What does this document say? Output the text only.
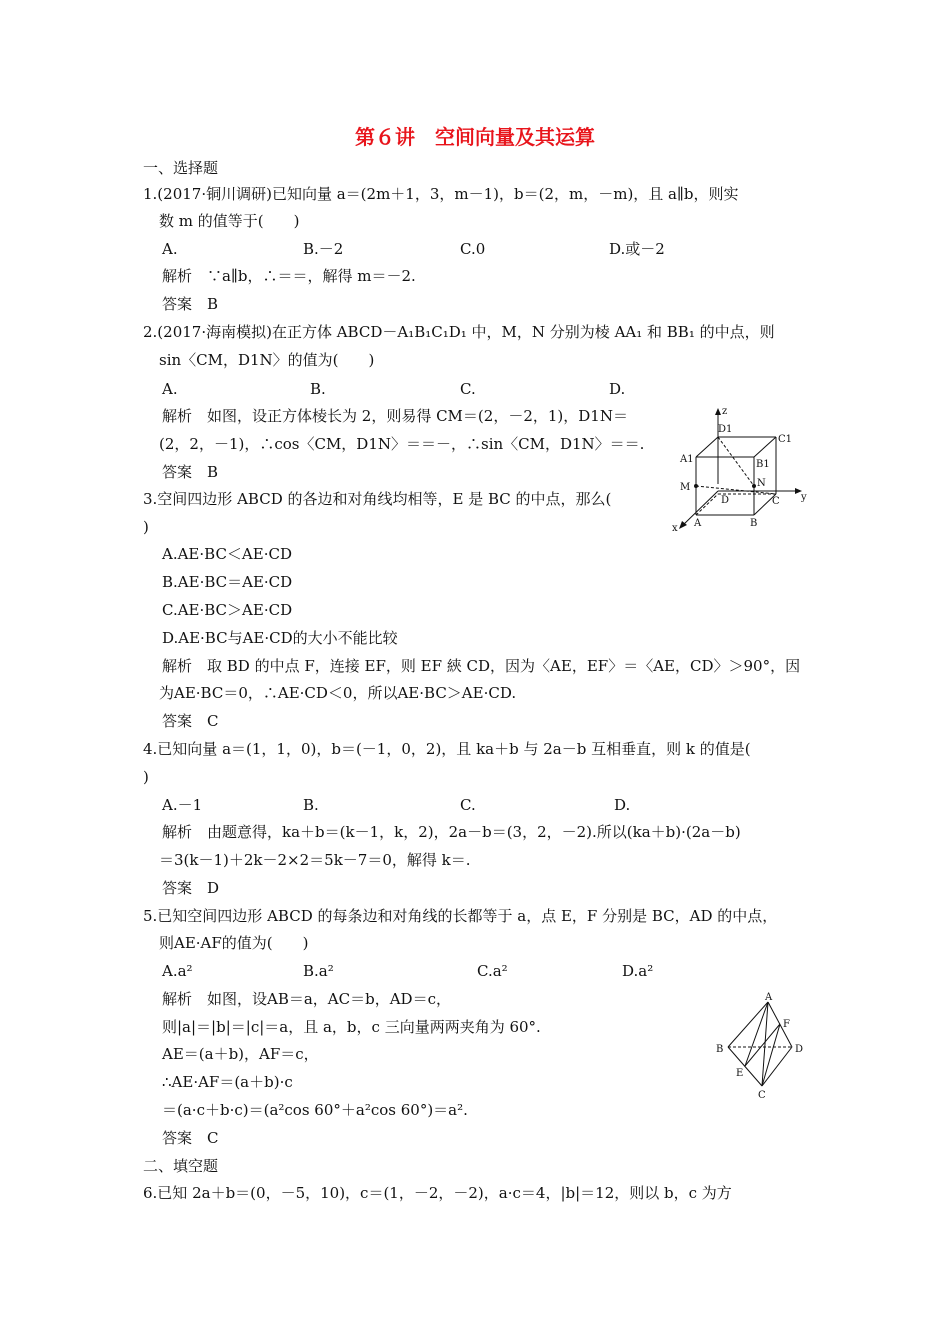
第６讲　空间向量及其运算
一、选择题
1.(2017·铜川调研)已知向量 a＝(2m＋1，3，m－1)，b＝(2，m，－m)，且 a∥b，则实
数 m 的值等于(　　)
A.	B.－2	C.0	D.或－2
解析　∵a∥b，∴＝＝，解得 m＝－2.
答案　B
2.(2017·海南模拟)在正方体 ABCD－A₁B₁C₁D₁ 中，M，N 分别为棱 AA₁ 和 BB₁ 的中点，则
sin〈CM，D1N〉的值为(　　)
A.	B.	C.	D.
解析　如图，设正方体棱长为 2，则易得 CM＝(2，－2，1)，D1N＝
(2，2，－1)，∴cos〈CM，D1N〉＝＝－，∴sin〈CM，D1N〉＝＝.
答案　B
z
y
x
D1
C1
A1	B1
M	N
A	B
C
D
3.空间四边形 ABCD 的各边和对角线均相等，E 是 BC 的中点，那么(
)
A.AE·BC＜AE·CD
B.AE·BC＝AE·CD
C.AE·BC＞AE·CD
D.AE·BC与AE·CD的大小不能比较
解析　取 BD 的中点 F，连接 EF，则 EF 綊 CD，因为〈AE，EF〉＝〈AE，CD〉＞90°，因
为AE·BC＝0，∴AE·CD＜0，所以AE·BC＞AE·CD.
答案　C
4.已知向量 a＝(1，1，0)，b＝(－1，0，2)，且 ka＋b 与 2a－b 互相垂直，则 k 的值是(
)
A.－1	B.	C.	D.
解析　由题意得，ka＋b＝(k－1，k，2)，2a－b＝(3，2，－2).所以(ka＋b)·(2a－b)
＝3(k－1)＋2k－2×2＝5k－7＝0，解得 k＝.
答案　D
5.已知空间四边形 ABCD 的每条边和对角线的长都等于 a，点 E，F 分别是 BC，AD 的中点，
则AE·AF的值为(　　)
A.a²	B.a²	C.a²	D.a²
解析　如图，设AB＝a，AC＝b，AD＝c，
则|a|＝|b|＝|c|＝a，且 a，b，c 三向量两两夹角为 60°.
AE＝(a＋b)，AF＝c，
∴AE·AF＝(a＋b)·c
＝(a·c＋b·c)＝(a²cos 60°＋a²cos 60°)＝a².
答案　C
A
B
C
D
E
F
二、填空题
6.已知 2a＋b＝(0，－5，10)，c＝(1，－2，－2)，a·c＝4，|b|＝12，则以 b，c 为方
